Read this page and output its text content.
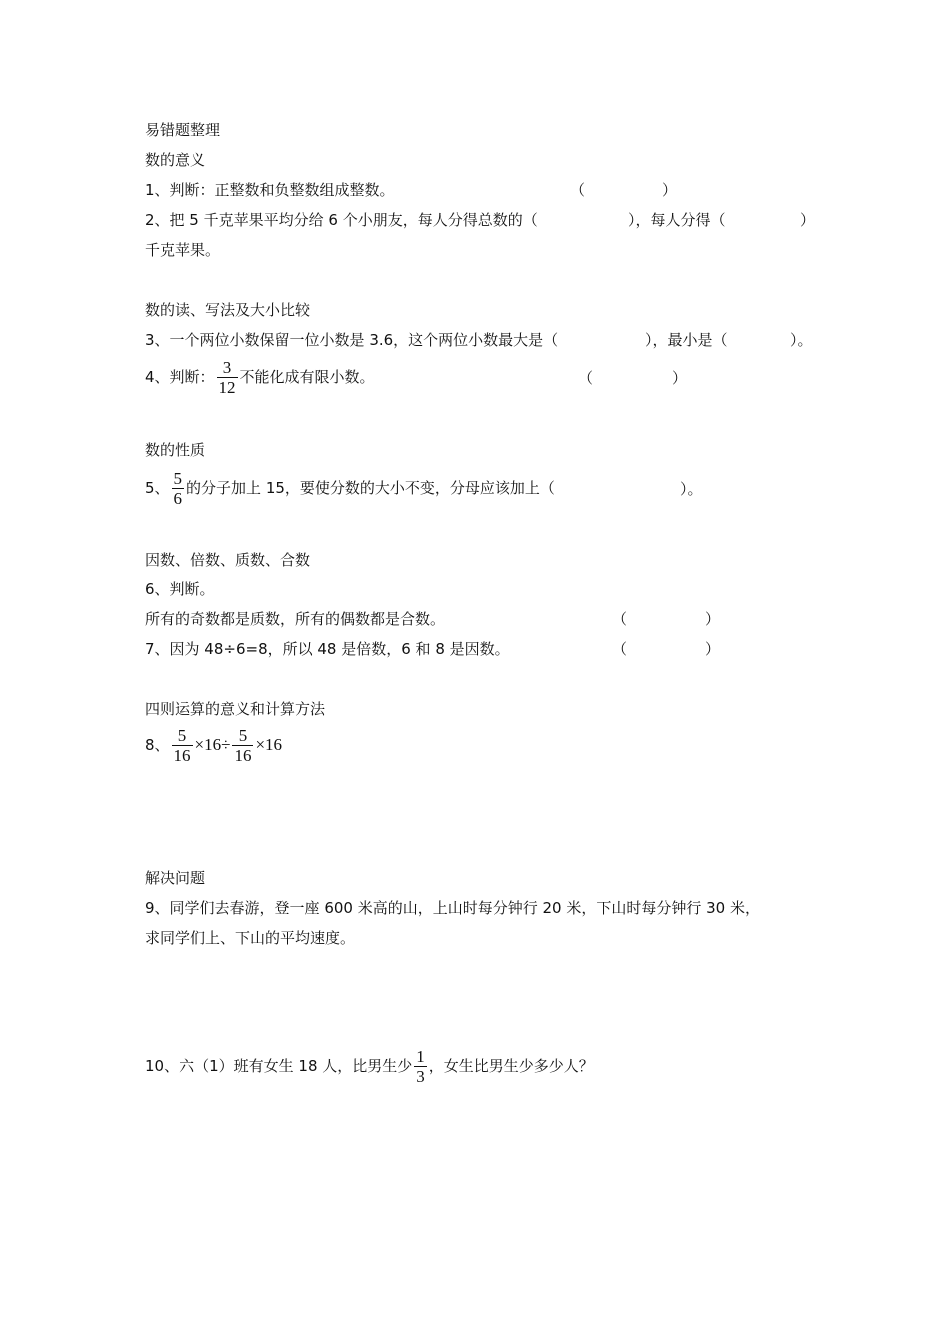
易错题整理
数的意义
1、判断：正整数和负整数组成整数。	（	）
2、把 5 千克苹果平均分给 6 个小朋友，每人分得总数的（	），每人分得（	）
千克苹果。
数的读、写法及大小比较
3、一个两位小数保留一位小数是 3.6，这个两位小数最大是（	），最小是（	）。
4、判断： $\frac{3}{12}$ 不能化成有限小数。	（	）
数的性质
5、 $\frac{5}{6}$ 的分子加上 15，要使分数的大小不变，分母应该加上（	）。
因数、倍数、质数、合数
6、判断。
所有的奇数都是质数，所有的偶数都是合数。	（	）
7、因为 48÷6=8，所以 48 是倍数，6 和 8 是因数。	（	）
四则运算的意义和计算方法
8、 $\frac{5}{16} \times 16\div \frac{5}{16} \times 16$
解决问题
9、同学们去春游，登一座 600 米高的山，上山时每分钟行 20 米，下山时每分钟行 30 米，
求同学们上、下山的平均速度。
10、六（1）班有女生 18 人，比男生少 $\frac{1}{3}$ ，女生比男生少多少人？
